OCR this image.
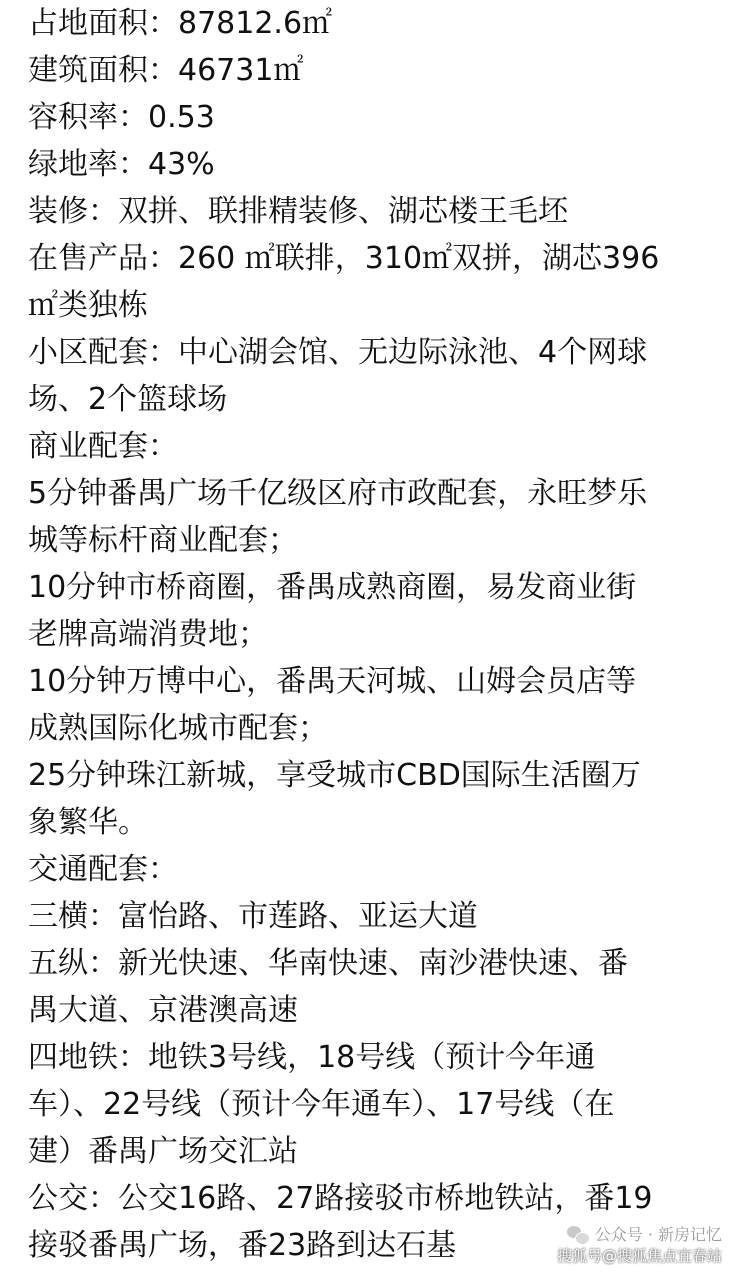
占地面积：87812.6㎡

建筑面积：46731㎡

容积率：0.53

绿地率：43%

装修：双拼、联排精装修、湖芯楼王毛坯

在售产品：260 ㎡联排，310㎡双拼，湖芯396

㎡类独栋

小区配套：中心湖会馆、无边际泳池、4个网球

场、2个篮球场

商业配套：

5分钟番禺广场千亿级区府市政配套，永旺梦乐

城等标杆商业配套；

10分钟市桥商圈，番禺成熟商圈，易发商业街

老牌高端消费地；

10分钟万博中心，番禺天河城、山姆会员店等

成熟国际化城市配套；

25分钟珠江新城，享受城市CBD国际生活圈万

象繁华。

交通配套：

三横：富怡路、市莲路、亚运大道

五纵：新光快速、华南快速、南沙港快速、番

禺大道、京港澳高速

四地铁：地铁3号线，18号线（预计今年通

车）、22号线（预计今年通车）、17号线（在

建）番禺广场交汇站

公交：公交16路、27路接驳市桥地铁站，番19

接驳番禺广场，番23路到达石基	公众号 · 新房记忆
搜狐号@搜狐焦点宜春站
